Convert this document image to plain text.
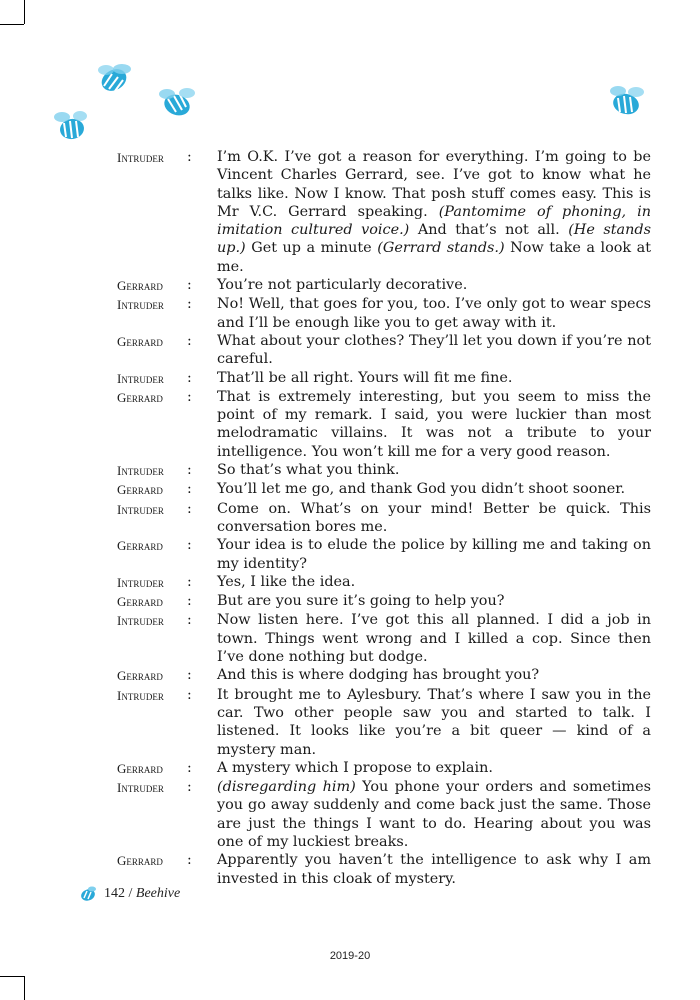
Intruder	:	I’m O.K. I’ve got a reason for everything. I’m going to be Vincent Charles Gerrard, see. I’ve got to know what he talks like. Now I know. That posh stuff comes easy. This is Mr V.C. Gerrard speaking. (Pantomime of phoning, in imitation cultured voice.) And that’s not all. (He stands up.) Get up a minute (Gerrard stands.) Now take a look at me.
Gerrard	:	You’re not particularly decorative.
Intruder	:	No! Well, that goes for you, too. I’ve only got to wear specs and I’ll be enough like you to get away with it.
Gerrard	:	What about your clothes? They’ll let you down if you’re not careful.
Intruder	:	That’ll be all right. Yours will fit me fine.
Gerrard	:	That is extremely interesting, but you seem to miss the point of my remark. I said, you were luckier than most melodramatic villains. It was not a tribute to your intelligence. You won’t kill me for a very good reason.
Intruder	:	So that’s what you think.
Gerrard	:	You’ll let me go, and thank God you didn’t shoot sooner.
Intruder	:	Come on. What’s on your mind! Better be quick. This conversation bores me.
Gerrard	:	Your idea is to elude the police by killing me and taking on my identity?
Intruder	:	Yes, I like the idea.
Gerrard	:	But are you sure it’s going to help you?
Intruder	:	Now listen here. I’ve got this all planned. I did a job in town. Things went wrong and I killed a cop. Since then I’ve done nothing but dodge.
Gerrard	:	And this is where dodging has brought you?
Intruder	:	It brought me to Aylesbury. That’s where I saw you in the car. Two other people saw you and started to talk. I listened. It looks like you’re a bit queer — kind of a mystery man.
Gerrard	:	A mystery which I propose to explain.
Intruder	:	(disregarding him) You phone your orders and sometimes you go away suddenly and come back just the same. Those are just the things I want to do. Hearing about you was one of my luckiest breaks.
Gerrard	:	Apparently you haven’t the intelligence to ask why I am invested in this cloak of mystery.
142 / Beehive
2019-20
